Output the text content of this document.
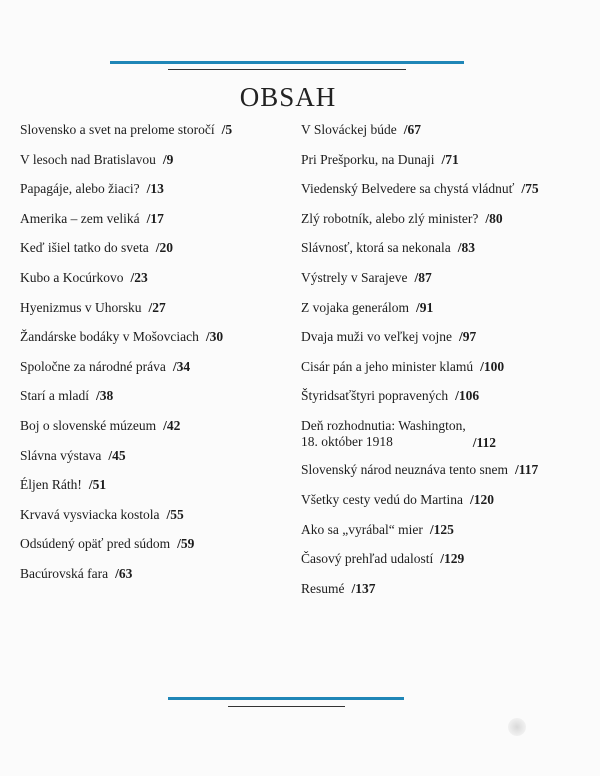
OBSAH
Slovensko a svet na prelome storočí /5
V lesoch nad Bratislavou /9
Papagáje, alebo žiaci? /13
Amerika – zem veliká /17
Keď išiel tatko do sveta /20
Kubo a Kocúrkovo /23
Hyenizmus v Uhorsku /27
Žandárske bodáky v Mošovciach /30
Spoločne za národné práva /34
Starí a mladí /38
Boj o slovenské múzeum /42
Slávna výstava /45
Éljen Ráth! /51
Krvavá vysviacka kostola /55
Odsúdený opäť pred súdom /59
Bacúrovská fara /63
V Slováckej búde /67
Pri Prešporku, na Dunaji /71
Viedenský Belvedere sa chystá vládnuť /75
Zlý robotník, alebo zlý minister? /80
Slávnosť, ktorá sa nekonala /83
Výstrely v Sarajeve /87
Z vojaka generálom /91
Dvaja muži vo veľkej vojne /97
Cisár pán a jeho minister klamú /100
Štyridsaťštyri popravených /106
Deň rozhodnutia: Washington,
18. október 1918	/112
Slovenský národ neuznáva tento snem /117
Všetky cesty vedú do Martina /120
Ako sa „vyrábal“ mier /125
Časový prehľad udalostí /129
Resumé /137
